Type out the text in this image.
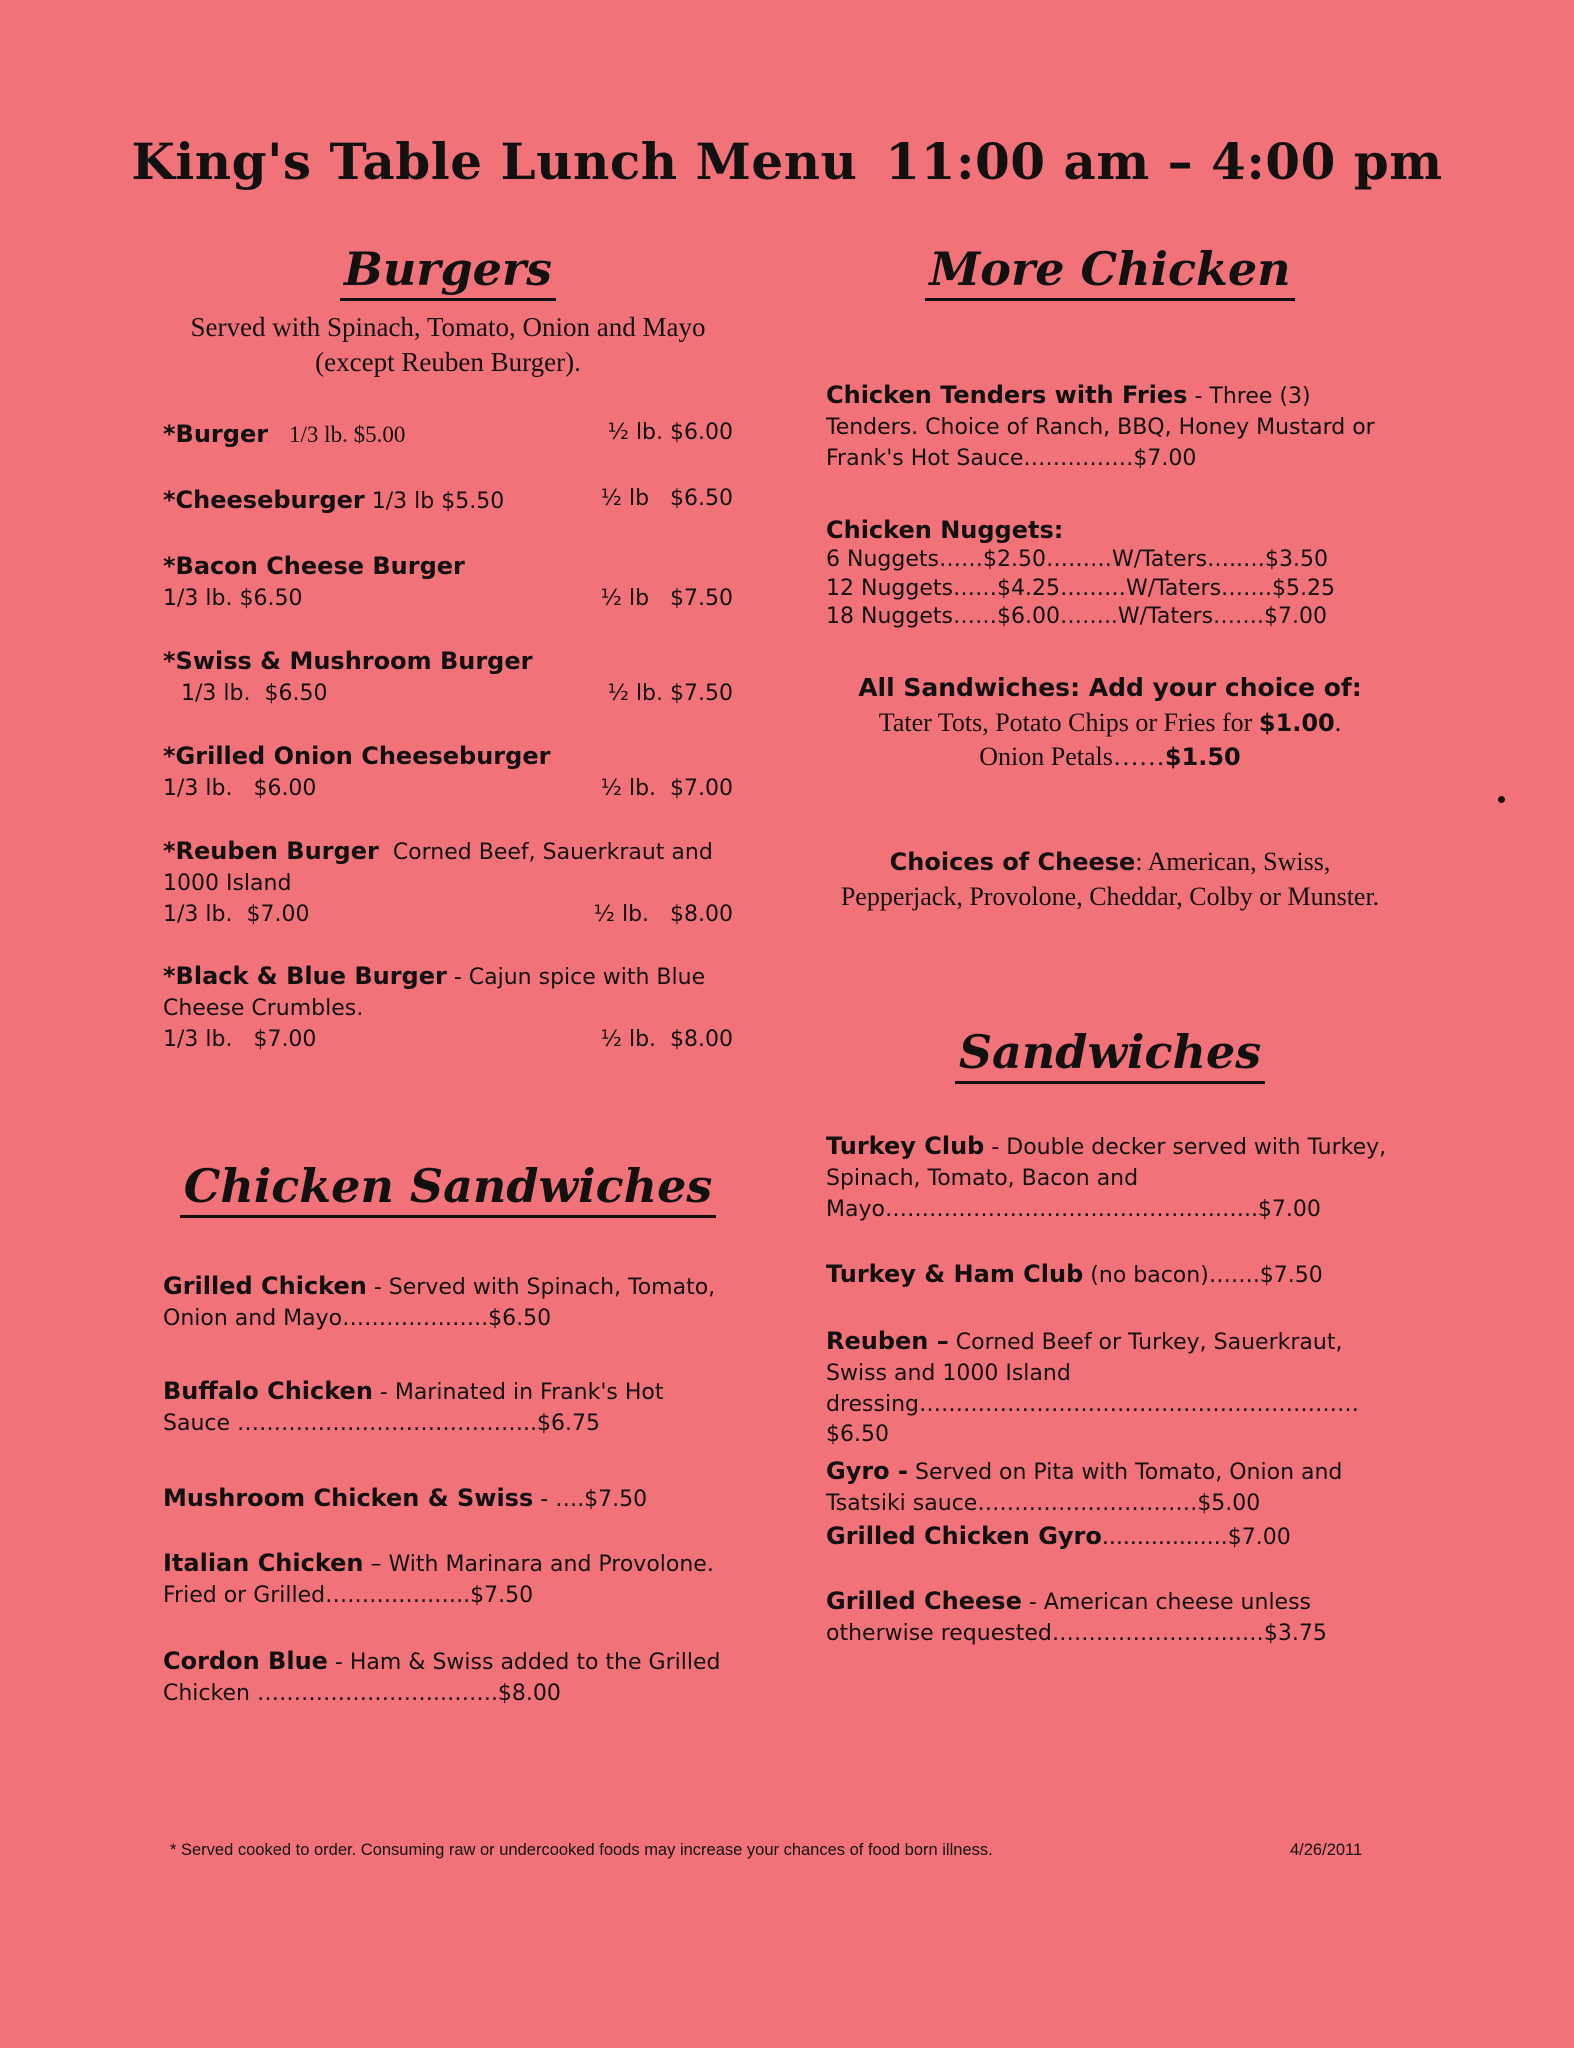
King's Table Lunch Menu 11:00 am – 4:00 pm
Burgers
Served with Spinach, Tomato, Onion and Mayo (except Reuben Burger).
*Burger 1/3 lb. $5.00	½ lb. $6.00
*Cheeseburger 1/3 lb $5.50	½ lb   $6.50
*Bacon Cheese Burger
1/3 lb. $6.50	½ lb   $7.50
*Swiss & Mushroom Burger
1/3 lb.  $6.50	½ lb. $7.50
*Grilled Onion Cheeseburger
1/3 lb.   $6.00	½ lb.  $7.00
*Reuben Burger Corned Beef, Sauerkraut and 1000 Island
1/3 lb.  $7.00	½ lb.   $8.00
*Black & Blue Burger - Cajun spice with Blue Cheese Crumbles.
1/3 lb.   $7.00	½ lb.  $8.00
Chicken Sandwiches
Grilled Chicken - Served with Spinach, Tomato, Onion and Mayo………………..$6.50
Buffalo Chicken - Marinated in Frank's Hot Sauce …………………………………..$6.75
Mushroom Chicken & Swiss - ….$7.50
Italian Chicken – With Marinara and Provolone. Fried or Grilled……….…..…..$7.50
Cordon Blue - Ham & Swiss added to the Grilled Chicken ……………………..…….$8.00
More Chicken
Chicken Tenders with Fries - Three (3) Tenders. Choice of Ranch, BBQ, Honey Mustard or Frank's Hot Sauce……………$7.00
Chicken Nuggets:
6 Nuggets……$2.50………W/Taters…..…$3.50
12 Nuggets……$4.25………W/Taters…….$5.25
18 Nuggets……$6.00……..W/Taters…….$7.00
All Sandwiches: Add your choice of:
Tater Tots, Potato Chips or Fries for $1.00.
Onion Petals……$1.50
Choices of Cheese: American, Swiss, Pepperjack, Provolone, Cheddar, Colby or Munster.
Sandwiches
Turkey Club - Double decker served with Turkey, Spinach, Tomato, Bacon and Mayo……………………………………….…..$7.00
Turkey & Ham Club (no bacon)…….$7.50
Reuben – Corned Beef or Turkey, Sauerkraut, Swiss and 1000 Island dressing……………………………………………………$6.50
Gyro - Served on Pita with Tomato, Onion and Tsatsiki sauce…………………………$5.00
Grilled Chicken Gyro..................$7.00
Grilled Cheese - American cheese unless otherwise requested……………………..…$3.75
* Served cooked to order. Consuming raw or undercooked foods may increase your chances of food born illness.	4/26/2011
